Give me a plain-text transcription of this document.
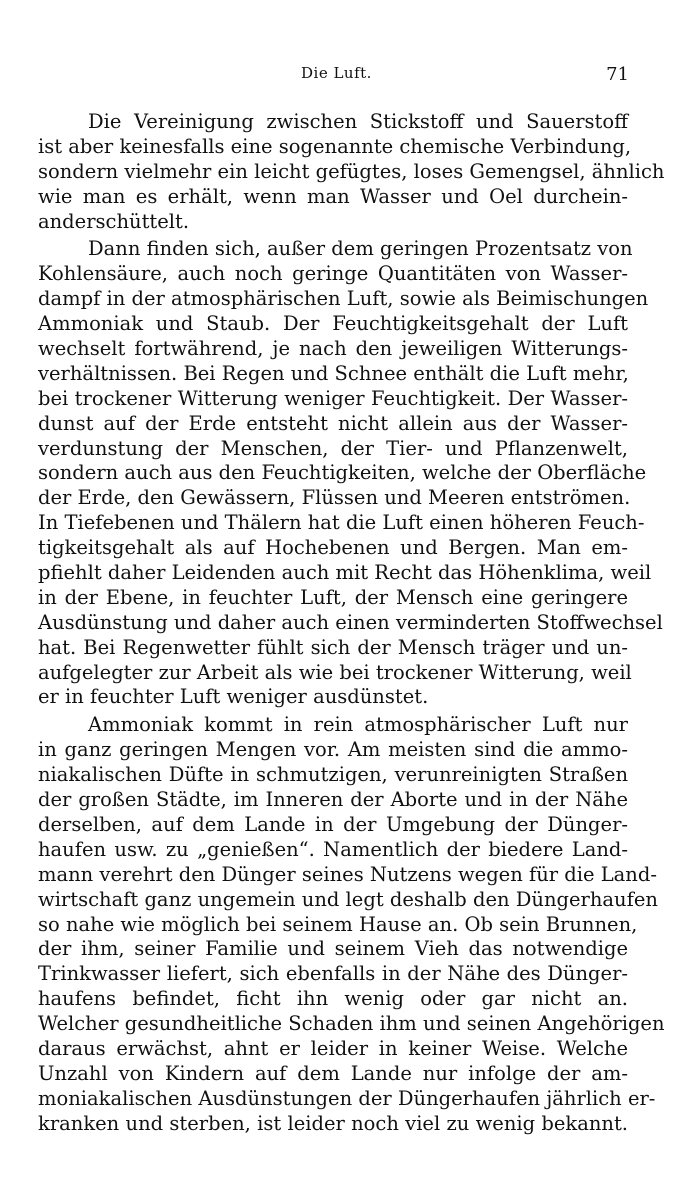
Die Luft.	71
Die Vereinigung zwischen Stickstoff und Sauerstoff
ist aber keinesfalls eine sogenannte chemische Verbindung,
sondern vielmehr ein leicht gefügtes, loses Gemengsel, ähnlich
wie man es erhält, wenn man Wasser und Oel durchein-
anderschüttelt.
Dann finden sich, außer dem geringen Prozentsatz von
Kohlensäure, auch noch geringe Quantitäten von Wasser-
dampf in der atmosphärischen Luft, sowie als Beimischungen
Ammoniak und Staub. Der Feuchtigkeitsgehalt der Luft
wechselt fortwährend, je nach den jeweiligen Witterungs-
verhältnissen. Bei Regen und Schnee enthält die Luft mehr,
bei trockener Witterung weniger Feuchtigkeit. Der Wasser-
dunst auf der Erde entsteht nicht allein aus der Wasser-
verdunstung der Menschen, der Tier- und Pflanzenwelt,
sondern auch aus den Feuchtigkeiten, welche der Oberfläche
der Erde, den Gewässern, Flüssen und Meeren entströmen.
In Tiefebenen und Thälern hat die Luft einen höheren Feuch-
tigkeitsgehalt als auf Hochebenen und Bergen. Man em-
pfiehlt daher Leidenden auch mit Recht das Höhenklima, weil
in der Ebene, in feuchter Luft, der Mensch eine geringere
Ausdünstung und daher auch einen verminderten Stoffwechsel
hat. Bei Regenwetter fühlt sich der Mensch träger und un-
aufgelegter zur Arbeit als wie bei trockener Witterung, weil
er in feuchter Luft weniger ausdünstet.
Ammoniak kommt in rein atmosphärischer Luft nur
in ganz geringen Mengen vor. Am meisten sind die ammo-
niakalischen Düfte in schmutzigen, verunreinigten Straßen
der großen Städte, im Inneren der Aborte und in der Nähe
derselben, auf dem Lande in der Umgebung der Dünger-
haufen usw. zu „genießen“. Namentlich der biedere Land-
mann verehrt den Dünger seines Nutzens wegen für die Land-
wirtschaft ganz ungemein und legt deshalb den Düngerhaufen
so nahe wie möglich bei seinem Hause an. Ob sein Brunnen,
der ihm, seiner Familie und seinem Vieh das notwendige
Trinkwasser liefert, sich ebenfalls in der Nähe des Dünger-
haufens befindet, ficht ihn wenig oder gar nicht an.
Welcher gesundheitliche Schaden ihm und seinen Angehörigen
daraus erwächst, ahnt er leider in keiner Weise. Welche
Unzahl von Kindern auf dem Lande nur infolge der am-
moniakalischen Ausdünstungen der Düngerhaufen jährlich er-
kranken und sterben, ist leider noch viel zu wenig bekannt.
